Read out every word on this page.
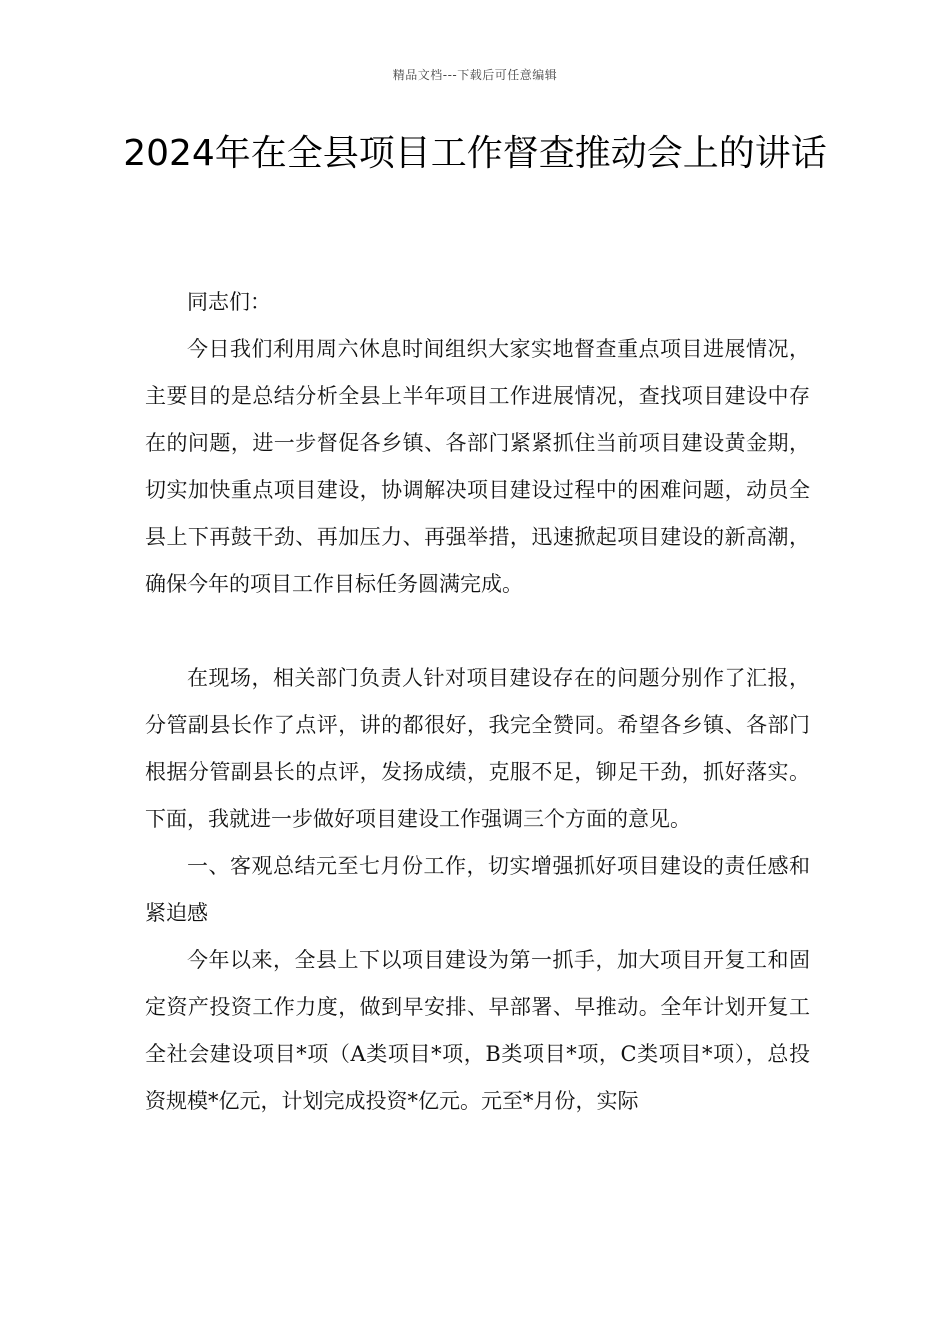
精品文档---下载后可任意编辑
2024年在全县项目工作督查推动会上的讲话

同志们：

今日我们利用周六休息时间组织大家实地督查重点项目进展情况，主要目的是总结分析全县上半年项目工作进展情况，查找项目建设中存在的问题，进一步督促各乡镇、各部门紧紧抓住当前项目建设黄金期，切实加快重点项目建设，协调解决项目建设过程中的困难问题，动员全县上下再鼓干劲、再加压力、再强举措，迅速掀起项目建设的新高潮，确保今年的项目工作目标任务圆满完成。

在现场，相关部门负责人针对项目建设存在的问题分别作了汇报，分管副县长作了点评，讲的都很好，我完全赞同。希望各乡镇、各部门根据分管副县长的点评，发扬成绩，克服不足，铆足干劲，抓好落实。下面，我就进一步做好项目建设工作强调三个方面的意见。

一、客观总结元至七月份工作，切实增强抓好项目建设的责任感和紧迫感

今年以来，全县上下以项目建设为第一抓手，加大项目开复工和固定资产投资工作力度，做到早安排、早部署、早推动。全年计划开复工全社会建设项目*项（A类项目*项，B类项目*项，C类项目*项），总投资规模*亿元，计划完成投资*亿元。元至*月份，实际
